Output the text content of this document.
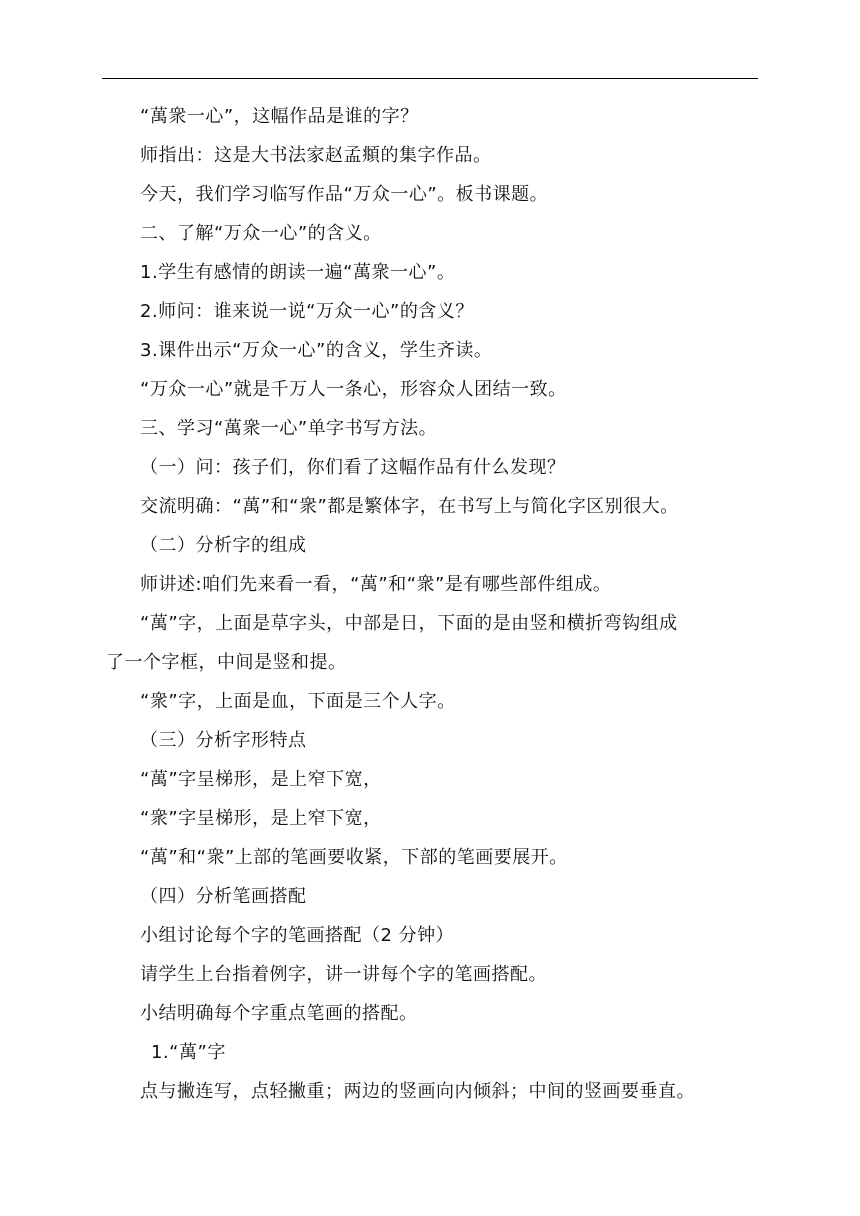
“萬衆一心”，这幅作品是谁的字？

师指出：这是大书法家赵孟頫的集字作品。

今天，我们学习临写作品“万众一心”。板书课题。

二、了解“万众一心”的含义。

1.学生有感情的朗读一遍“萬衆一心”。

2.师问：谁来说一说“万众一心”的含义？

3.课件出示“万众一心”的含义，学生齐读。

“万众一心”就是千万人一条心，形容众人团结一致。

三、学习“萬衆一心”单字书写方法。

（一）问：孩子们，你们看了这幅作品有什么发现？

交流明确：“萬”和“衆”都是繁体字，在书写上与简化字区别很大。

（二）分析字的组成

师讲述:咱们先来看一看，“萬”和“衆”是有哪些部件组成。

“萬”字，上面是草字头，中部是日，下面的是由竖和横折弯钩组成

了一个字框，中间是竖和提。

“衆”字，上面是血，下面是三个人字。

（三）分析字形特点

“萬”字呈梯形，是上窄下宽，

“衆”字呈梯形，是上窄下宽，

“萬”和“衆”上部的笔画要收紧，下部的笔画要展开。

（四）分析笔画搭配

小组讨论每个字的笔画搭配（2 分钟）

请学生上台指着例字，讲一讲每个字的笔画搭配。

小结明确每个字重点笔画的搭配。

1.“萬”字

点与撇连写，点轻撇重；两边的竖画向内倾斜；中间的竖画要垂直。
